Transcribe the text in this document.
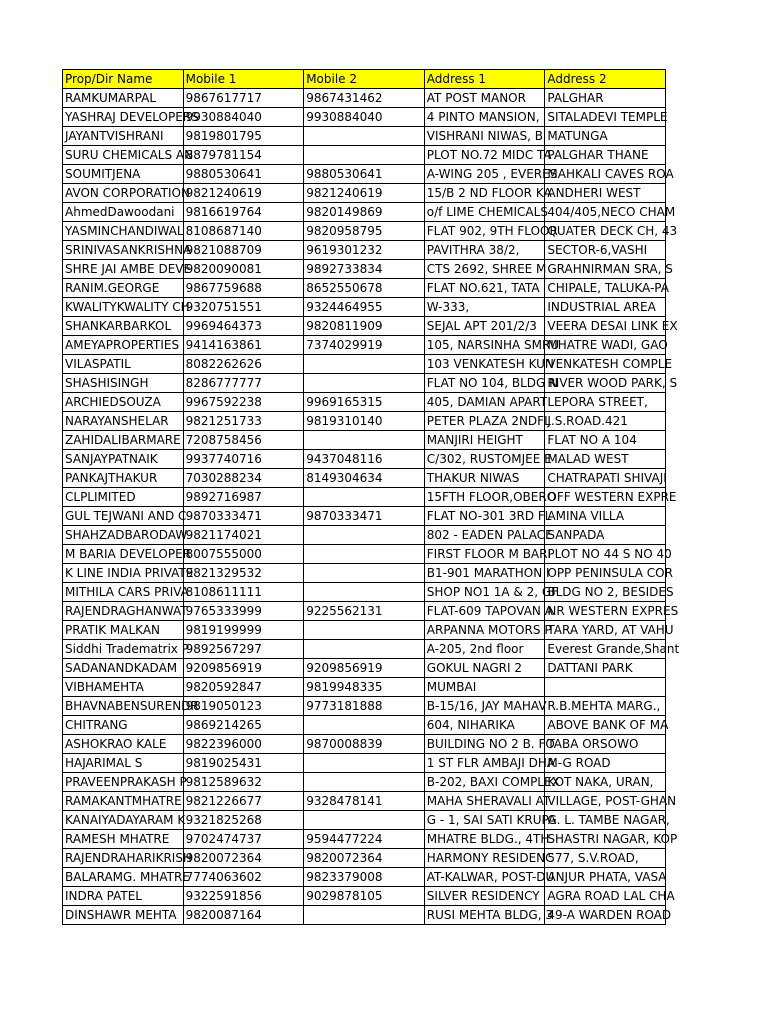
Prop/Dir Name	Mobile 1	Mobile 2	Address 1	Address 2
RAMKUMARPAL	9867617717	9867431462	AT POST MANOR	PALGHAR
YASHRAJ DEVELOPERS	9930884040	9930884040	4 PINTO MANSION,	SITALADEVI TEMPLE
JAYANTVISHRANI	9819801795		VISHRANI NIWAS, B	MATUNGA
SURU CHEMICALS AN	8879781154		PLOT NO.72 MIDC TA	PALGHAR THANE
SOUMITJENA	9880530641	9880530641	A-WING 205 , EVERES	MAHKALI CAVES ROA
AVON CORPORATION	9821240619	9821240619	15/B 2 ND FLOOR KA	ANDHERI WEST
AhmedDawoodani	9816619764	9820149869	o/f LIME CHEMICALS	404/405,NECO CHAM
YASMINCHANDIWAL	8108687140	9820958795	FLAT 902, 9TH FLOOR	QUATER DECK CH, 43
SRINIVASANKRISHNA	9821088709	9619301232	PAVITHRA 38/2,	SECTOR-6,VASHI
SHRE JAI AMBE DEVE	9820090081	9892733834	CTS 2692, SHREE M	GRAHNIRMAN SRA, S
RANIM.GEORGE	9867759688	8652550678	FLAT NO.621, TATA	CHIPALE, TALUKA-PA
KWALITYKWALITY CH	9320751551	9324464955	W-333,	INDUSTRIAL AREA
SHANKARBARKOL	9969464373	9820811909	SEJAL APT 201/2/3	VEERA DESAI LINK EX
AMEYAPROPERTIES	9414163861	7374029919	105, NARSINHA SMRU	MHATRE WADI, GAO
VILASPATIL	8082262626		103 VENKATESH KUN	VENKATESH COMPLE
SHASHISINGH	8286777777		FLAT NO 104, BLDG N	RIVER WOOD PARK, S
ARCHIEDSOUZA	9967592238	9969165315	405, DAMIAN APART	LEPORA STREET,
NARAYANSHELAR	9821251733	9819310140	PETER PLAZA 2NDFL	J.S.ROAD.421
ZAHIDALIBARMARE	7208758456		MANJIRI HEIGHT	FLAT NO A 104
SANJAYPATNAIK	9937740716	9437048116	C/302, RUSTOMJEE E	MALAD WEST
PANKAJTHAKUR	7030288234	8149304634	THAKUR NIWAS	CHATRAPATI SHIVAJI
CLPLIMITED	9892716987		15FTH FLOOR,OBERO	OFF WESTERN EXPRE
GUL TEJWANI AND C	9870333471	9870333471	FLAT NO-301 3RD FL	AMINA VILLA
SHAHZADBARODAW	9821174021		802 - EADEN PALACE	SANPADA
M BARIA DEVELOPER	8007555000		FIRST FLOOR M BARI	PLOT NO 44 S NO 40
K LINE INDIA PRIVATE	9821329532		B1-901 MARATHON I	OPP PENINSULA COR
MITHILA CARS PRIVA	8108611111		SHOP NO1 1A & 2, GF	BLDG NO 2, BESIDES
RAJENDRAGHANWAT	9765333999	9225562131	FLAT-609 TAPOVAN A	NR WESTERN EXPRES
PRATIK MALKAN	9819199999		ARPANNA MOTORS P	TARA YARD, AT VAHU
Siddhi Tradematrix P	9892567297		A-205, 2nd floor	Everest Grande,Shant
SADANANDKADAM	9209856919	9209856919	GOKUL NAGRI 2	DATTANI PARK
VIBHAMEHTA	9820592847	9819948335	MUMBAI	
BHAVNABENSURENDR	9819050123	9773181888	B-15/16, JAY MAHAV	R.B.MEHTA MARG.,
CHITRANG	9869214265		604, NIHARIKA	ABOVE BANK OF MA
ASHOKRAO KALE	9822396000	9870008839	BUILDING NO 2 B. FO	TABA ORSOWO
HAJARIMAL S	9819025431		1 ST FLR AMBAJI DHA	M-G ROAD
PRAVEENPRAKASH P	9812589632		B-202, BAXI COMPLEX	KOT NAKA, URAN,
RAMAKANTMHATRE	9821226677	9328478141	MAHA SHERAVALI AT	VILLAGE, POST-GHAN
KANAIYADAYARAM K	9321825268		G - 1, SAI SATI KRUPA	G. L. TAMBE NAGAR,
RAMESH MHATRE	9702474737	9594477224	MHATRE BLDG., 4TH	SHASTRI NAGAR, KOP
RAJENDRAHARIKRISH	9820072364	9820072364	HARMONY RESIDENC	577, S.V.ROAD,
BALARAMG. MHATRE	7774063602	9823379008	AT-KALWAR, POST-DU	ANJUR PHATA, VASA
INDRA PATEL	9322591856	9029878105	SILVER RESIDENCY	AGRA ROAD LAL CHA
DINSHAWR MEHTA	9820087164		RUSI MEHTA BLDG, 3	49-A WARDEN ROAD
